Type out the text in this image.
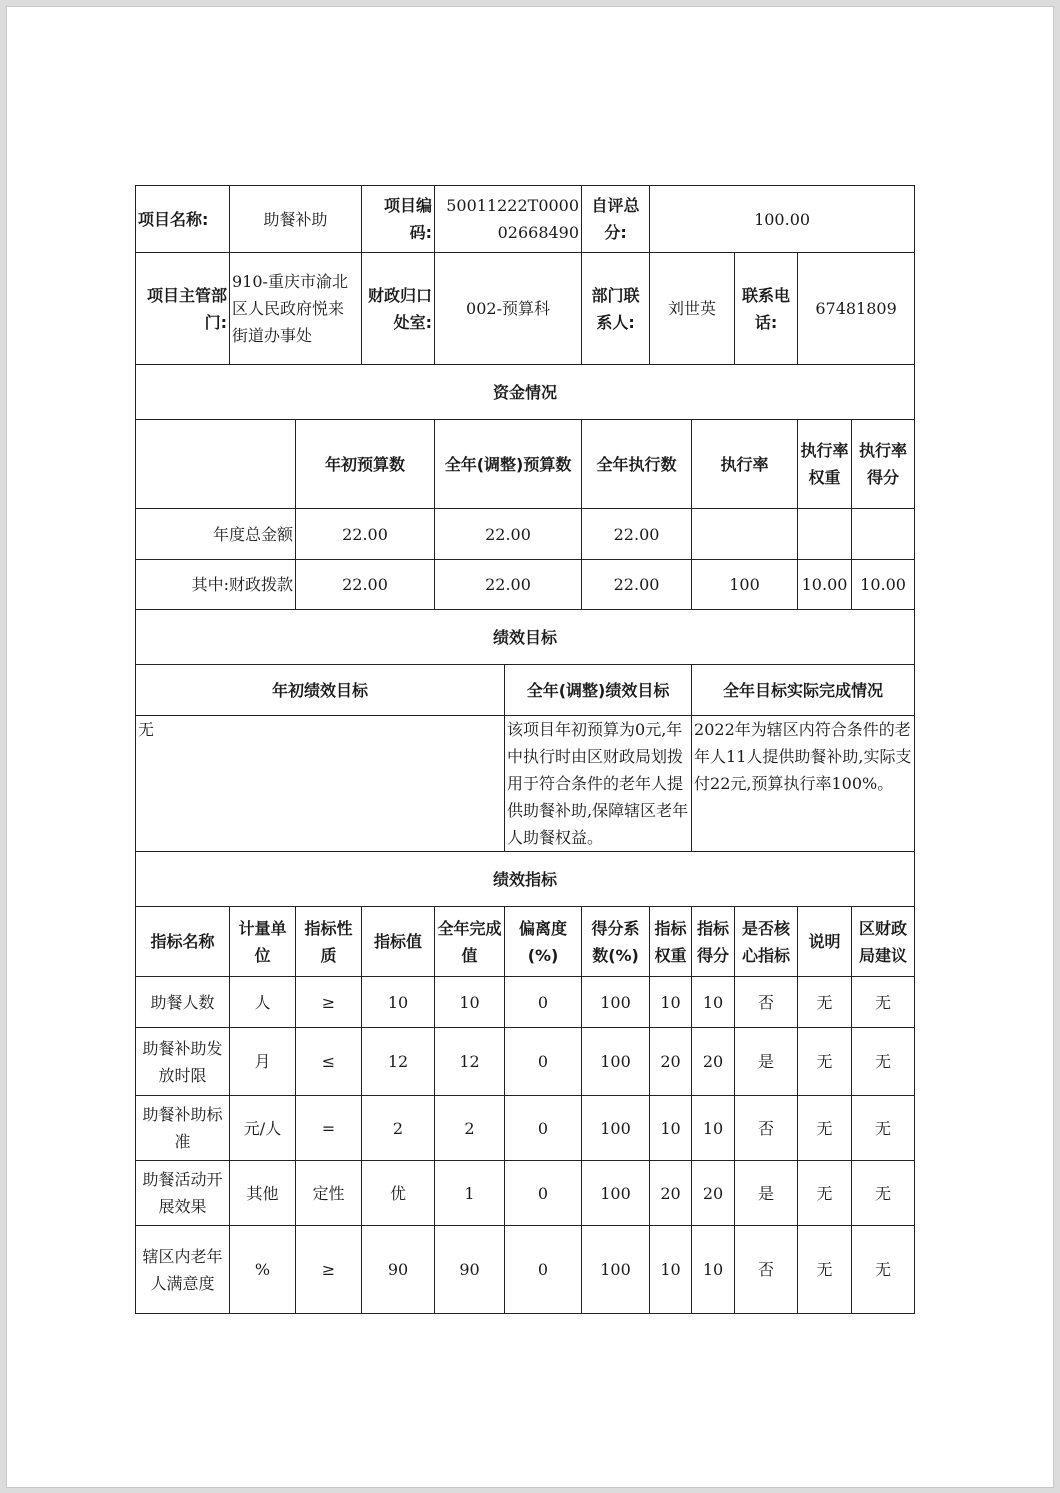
项目名称:	助餐补助		项目编码:	50011222T000002668490		自评总分:	100.00				
项目主管部门:	910-重庆市渝北区人民政府悦来街道办事处		财政归口处室:	002-预算科		部门联系人:	刘世英		联系电话:	67481809	
资金情况											
		年初预算数		全年(调整)预算数		全年执行数		执行率		执行率权重	执行率得分
年度总金额		22.00		22.00		22.00					
其中:财政拨款		22.00		22.00		22.00		100		10.00	10.00
绩效目标											
年初绩效目标					全年(调整)绩效目标			全年目标实际完成情况			
无					该项目年初预算为0元,年中执行时由区财政局划拨用于符合条件的老年人提供助餐补助,保障辖区老年人助餐权益。			2022年为辖区内符合条件的老年人11人提供助餐补助,实际支付22元,预算执行率100%。			
绩效指标											
指标名称	计量单位	指标性质	指标值	全年完成值	偏离度(%)	得分系数(%)	指标权重	指标得分	是否核心指标	说明	区财政局建议
助餐人数	人	≥	10	10	0	100	10	10	否	无	无
助餐补助发放时限	月	≤	12	12	0	100	20	20	是	无	无
助餐补助标准	元/人	=	2	2	0	100	10	10	否	无	无
助餐活动开展效果	其他	定性	优	1	0	100	20	20	是	无	无
辖区内老年人满意度	%	≥	90	90	0	100	10	10	否	无	无
